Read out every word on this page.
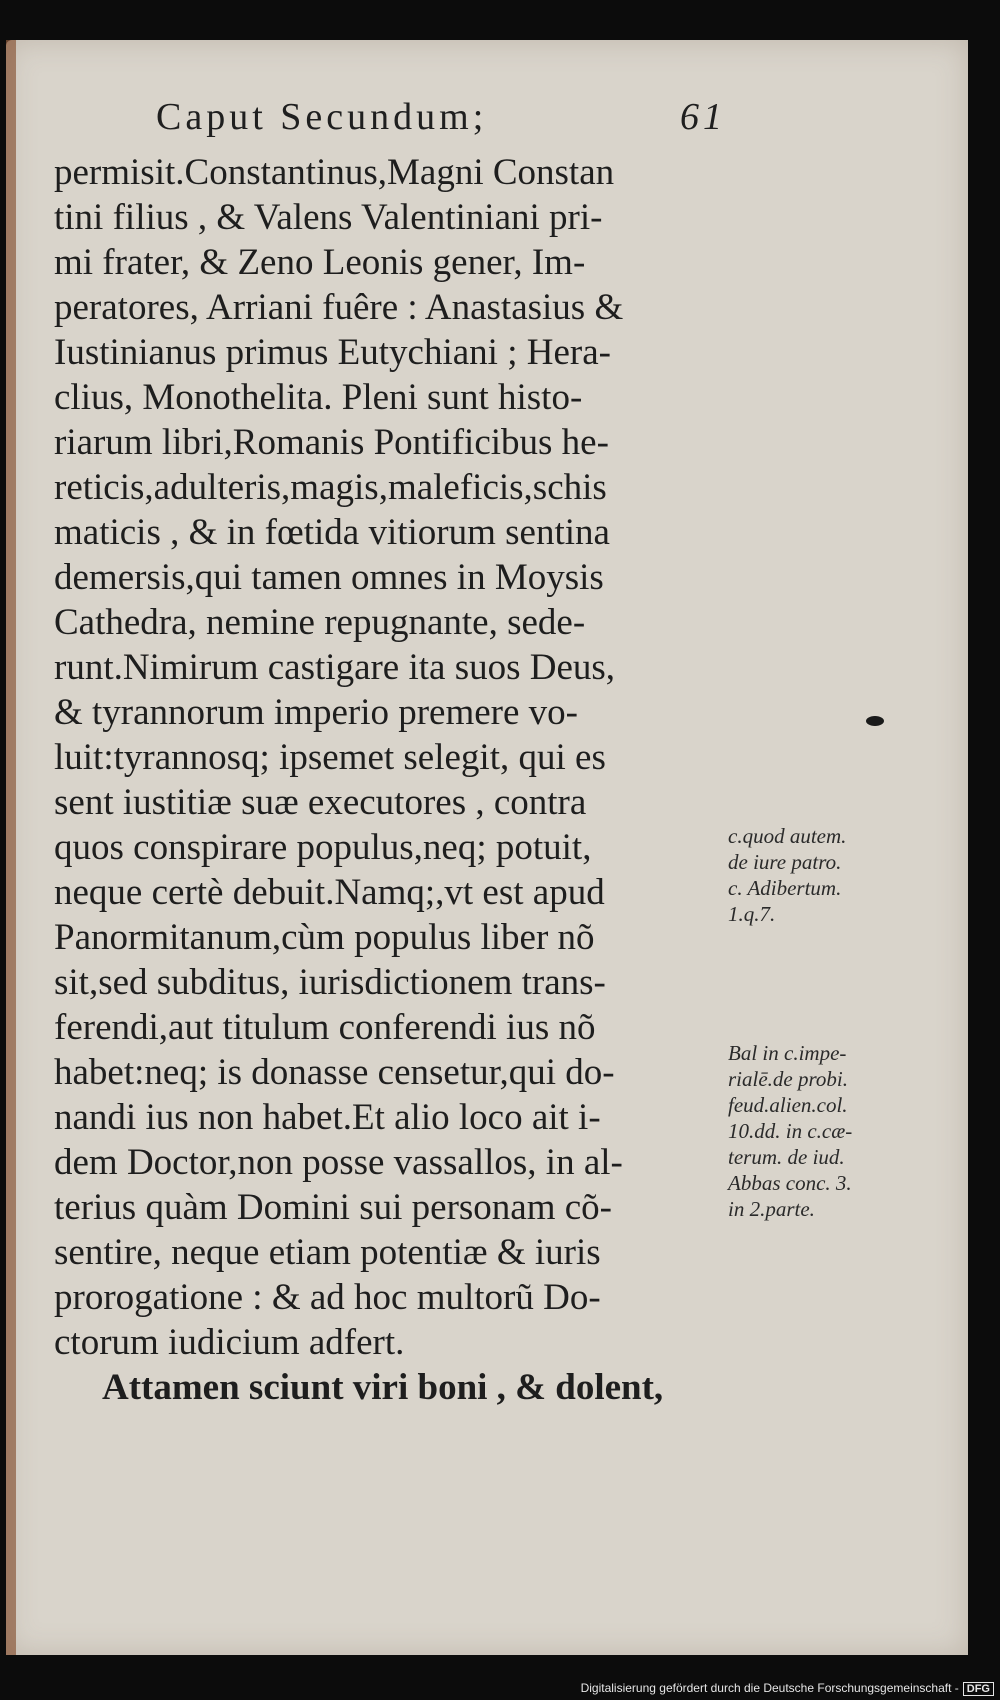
Caput Secundum;	61
permisit.Constantinus,Magni Constan
tini filius , & Valens Valentiniani pri-
mi frater, & Zeno Leonis gener, Im-
peratores, Arriani fuêre : Anastasius &
Iustinianus primus Eutychiani ; Hera-
clius, Monothelita. Pleni sunt histo-
riarum libri,Romanis Pontificibus he-
reticis,adulteris,magis,maleficis,schis
maticis , & in fœtida vitiorum sentina
demersis,qui tamen omnes in Moysis
Cathedra, nemine repugnante, sede-
runt.Nimirum castigare ita suos Deus,
& tyrannorum imperio premere vo-
luit:tyrannosq; ipsemet selegit, qui es
sent iustitiæ suæ executores , contra
quos conspirare populus,neq; potuit,
neque certè debuit.Namq;,vt est apud
Panormitanum,cùm populus liber nõ
sit,sed subditus, iurisdictionem trans-
ferendi,aut titulum conferendi ius nõ
habet:neq; is donasse censetur,qui do-
nandi ius non habet.Et alio loco ait i-
dem Doctor,non posse vassallos, in al-
terius quàm Domini sui personam cõ-
sentire, neque etiam potentiæ & iuris
prorogatione : & ad hoc multorũ Do-
ctorum iudicium adfert.
Attamen sciunt viri boni , & dolent,
c.quod autem.
de iure patro.
c. Adibertum.
1.q.7.
Bal in c.impe-
rialē.de probi.
feud.alien.col.
10.dd. in c.cæ-
terum. de iud.
Abbas conc. 3.
in 2.parte.
Digitalisierung gefördert durch die Deutsche Forschungsgemeinschaft - DFG
